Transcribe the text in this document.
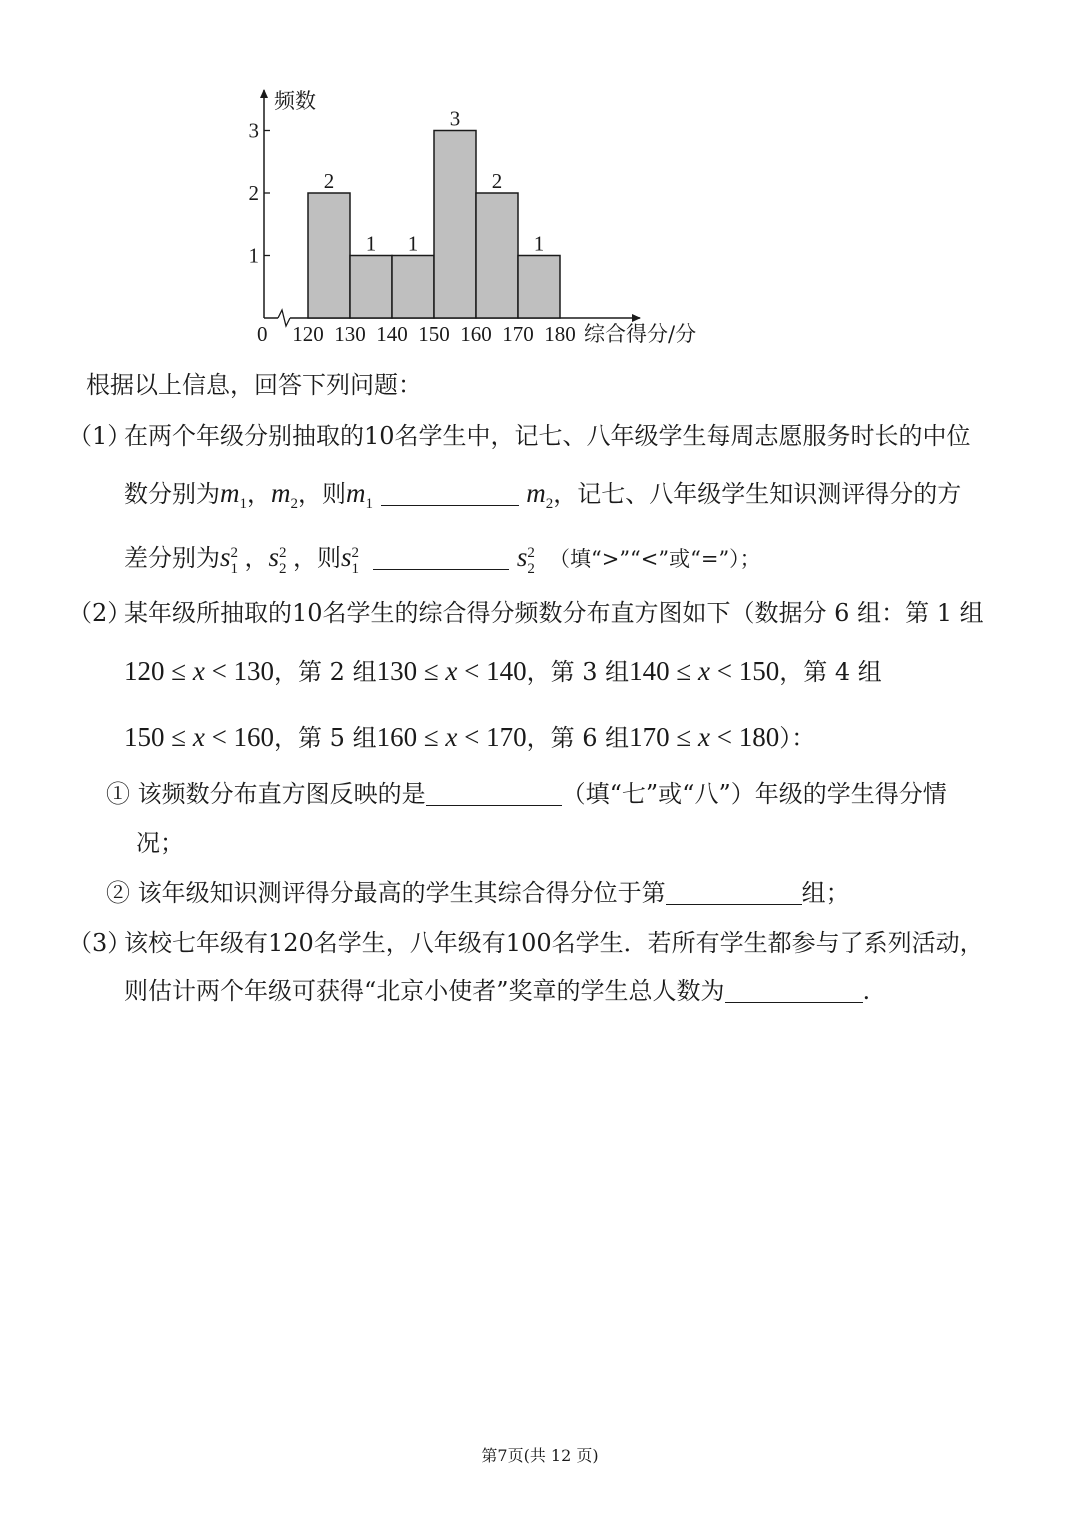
频数
综合得分/分
0
1
2
3
120 130 140 150 160 170 180
2
1 1
3
2
1
根据以上信息，回答下列问题：
（1）
在两个年级分别抽取的10名学生中，记七、八年级学生每周志愿服务时长的中位
数分别为$m_1$，$m_2$，则$m_1$	$m_2$，记七、八年级学生知识测评得分的方
差分别为s 2
1 ，s 2
2 ，则s 2
1	s 2
2 （填“>”“<”或“=”）；
（2）
某年级所抽取的10名学生的综合得分频数分布直方图如下（数据分 6 组：第 1 组
120 ≤ x < 130，第 2 组130 ≤ x < 140，第 3 组140 ≤ x < 150，第 4 组
150 ≤ x < 160，第 5 组160 ≤ x < 170，第 6 组170 ≤ x < 180）：
① 该频数分布直方图反映的是	（填“七”或“八”）年级的学生得分情
况；
② 该年级知识测评得分最高的学生其综合得分位于第	组；
（3）
该校七年级有120名学生，八年级有100名学生．若所有学生都参与了系列活动，
则估计两个年级可获得“北京小使者”奖章的学生总人数为	.
第7页(共 12 页)
